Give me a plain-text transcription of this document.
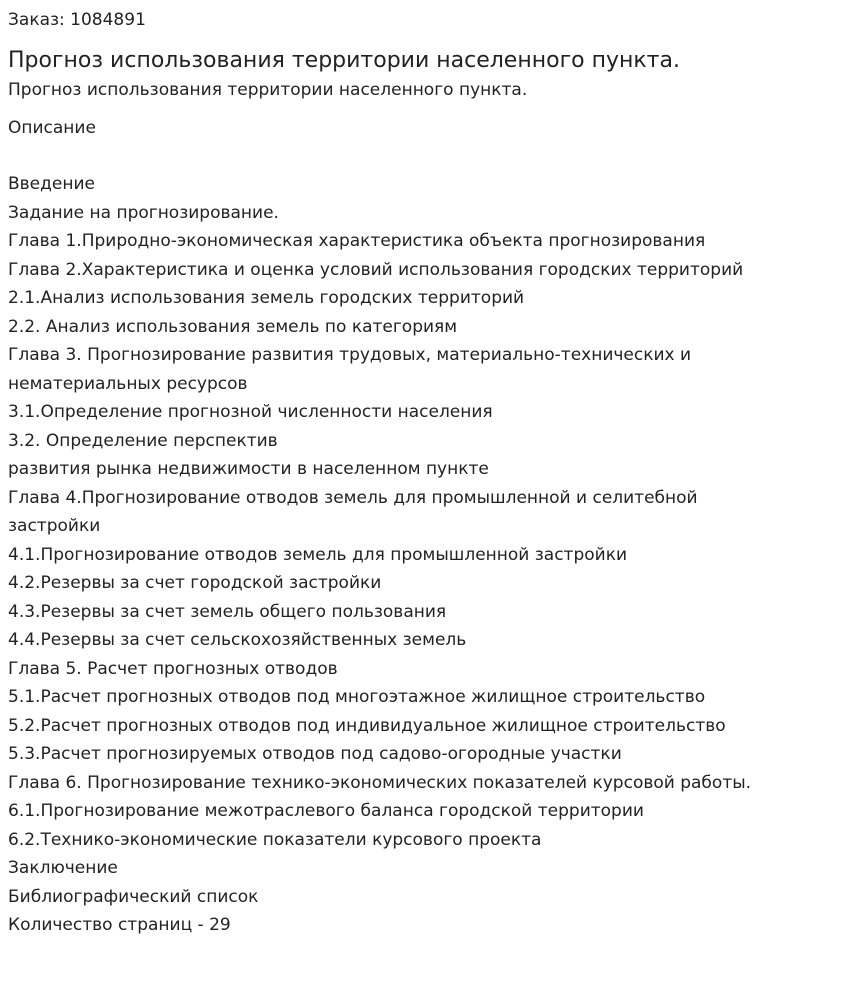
Заказ: 1084891
Прогноз использования территории населенного пункта.
Прогноз использования территории населенного пункта.
Описание
Введение
Задание на прогнозирование.
Глава 1.Природно-экономическая характеристика объекта прогнозирования
Глава 2.Характеристика и оценка условий использования городских территорий
2.1.Анализ использования земель городских территорий
2.2. Анализ использования земель по категориям
Глава 3. Прогнозирование развития трудовых, материально-технических и
нематериальных ресурсов
3.1.Определение прогнозной численности населения
3.2. Определение перспектив
развития рынка недвижимости в населенном пункте
Глава 4.Прогнозирование отводов земель для промышленной и селитебной
застройки
4.1.Прогнозирование отводов земель для промышленной застройки
4.2.Резервы за счет городской застройки
4.3.Резервы за счет земель общего пользования
4.4.Резервы за счет сельскохозяйственных земель
Глава 5. Расчет прогнозных отводов
5.1.Расчет прогнозных отводов под многоэтажное жилищное строительство
5.2.Расчет прогнозных отводов под индивидуальное жилищное строительство
5.3.Расчет прогнозируемых отводов под садово-огородные участки
Глава 6. Прогнозирование технико-экономических показателей курсовой работы.
6.1.Прогнозирование межотраслевого баланса городской территории
6.2.Технико-экономические показатели курсового проекта
Заключение
Библиографический список
Количество страниц - 29
